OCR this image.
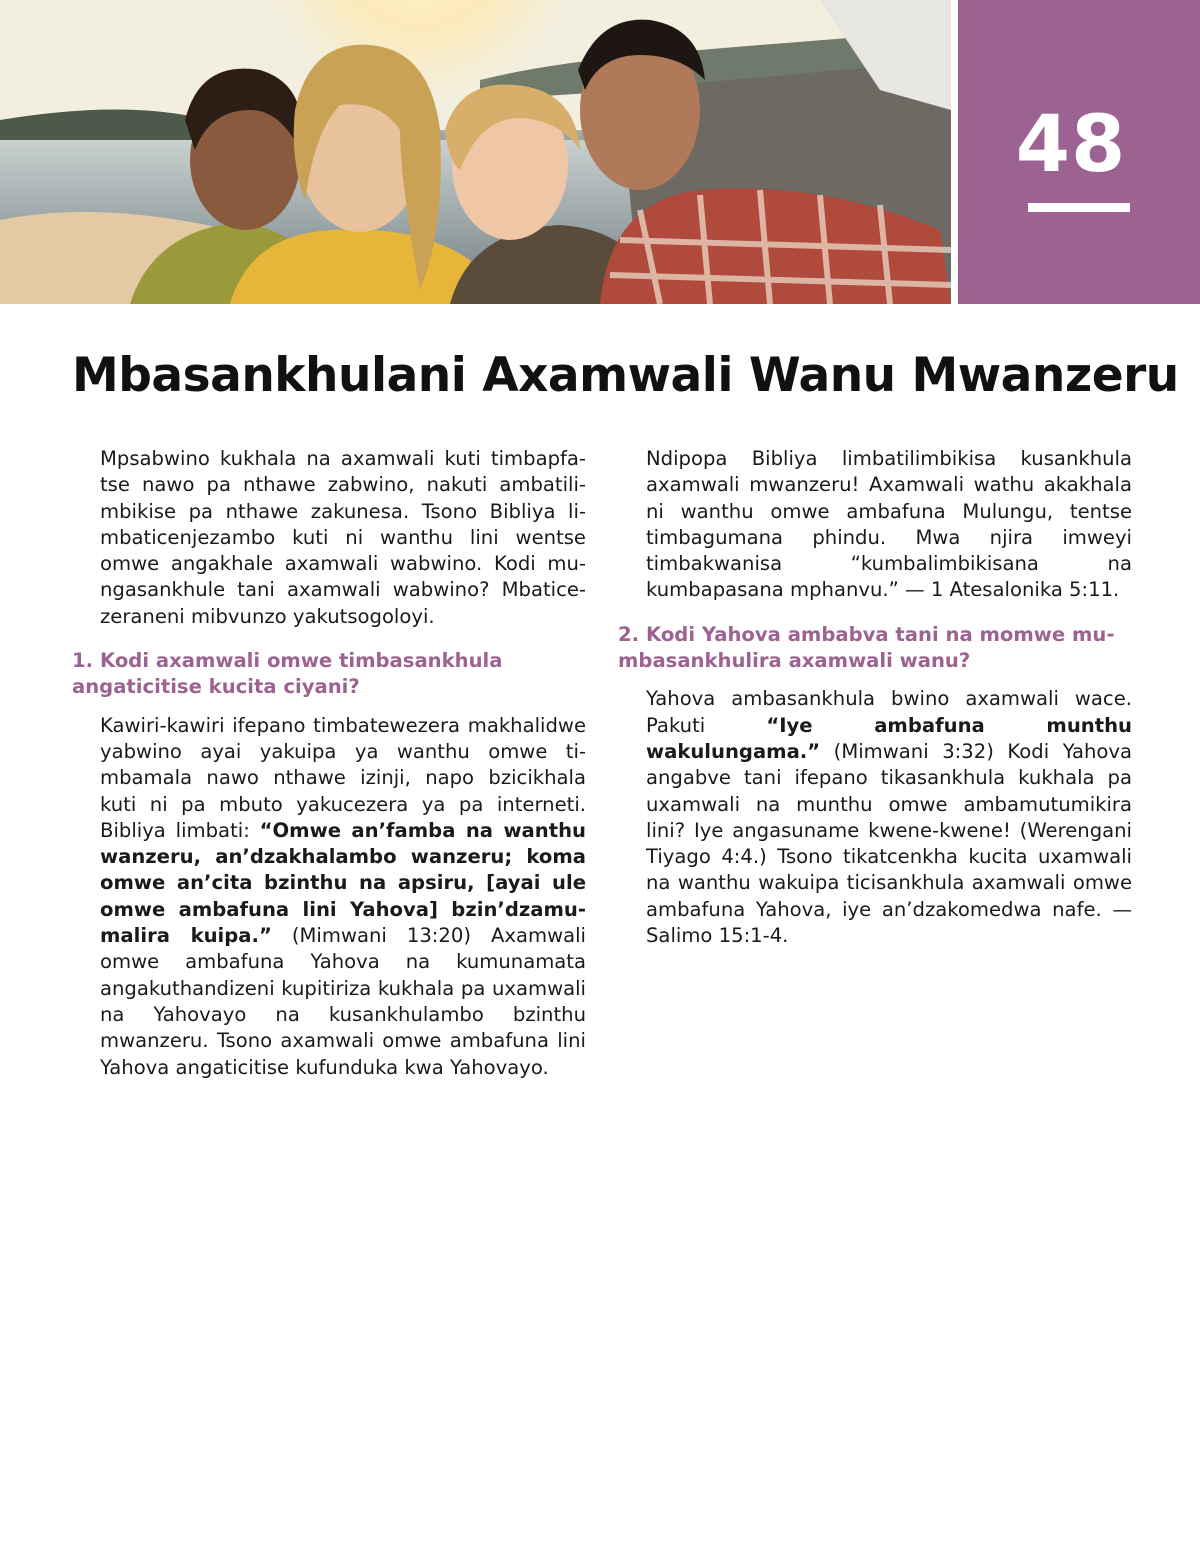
48
Mbasankhulani Axamwali Wanu Mwanzeru

Mpsabwino kukhala na axamwali kuti timbapfatse nawo pa nthawe zabwino, nakuti ambatilimbikise pa nthawe zakunesa. Tsono Bibliya limbaticenjezambo kuti ni wanthu lini wentse omwe angakhale axamwali wabwino. Kodi mungasankhule tani axamwali wabwino? Mbaticezeraneni mibvunzo yakutsogoloyi.

1. Kodi axamwali omwe timbasankhula angaticitise kucita ciyani?

Kawiri-kawiri ifepano timbatewezera makhalidwe yabwino ayai yakuipa ya wanthu omwe timbamala nawo nthawe izinji, napo bzicikhala kuti ni pa mbuto yakucezera ya pa interneti. Bibliya limbati: “Omwe an’famba na wanthu wanzeru, an’dzakhalambo wanzeru; koma omwe an’cita bzinthu na apsiru, [ayai ule omwe ambafuna lini Yahova] bzin’dzamumalira kuipa.” (Mimwani 13:20) Axamwali omwe ambafuna Yahova na kumunamata angakuthandizeni kupitiriza kukhala pa uxamwali na Yahovayo na kusankhulambo bzinthu mwanzeru. Tsono axamwali omwe ambafuna lini Yahova angaticitise kufunduka kwa Yahovayo.

Ndipopa Bibliya limbatilimbikisa kusankhula axamwali mwanzeru! Axamwali wathu akakhala ni wanthu omwe ambafuna Mulungu, tentse timbagumana phindu. Mwa njira imweyi timbakwanisa “kumbalimbikisana na kumbapasana mphanvu.” — 1 Atesalonika 5:11.

2. Kodi Yahova ambabva tani na momwe mumbasankhulira axamwali wanu?

Yahova ambasankhula bwino axamwali wace. Pakuti “Iye ambafuna munthu wakulungama.” (Mimwani 3:32) Kodi Yahova angabve tani ifepano tikasankhula kukhala pa uxamwali na munthu omwe ambamutumikira lini? Iye angasuname kwene-kwene! (Werengani Tiyago 4:4.) Tsono tikatcenkha kucita uxamwali na wanthu wakuipa ticisankhula axamwali omwe ambafuna Yahova, iye an’dzakomedwa nafe. — Salimo 15:1-4.
